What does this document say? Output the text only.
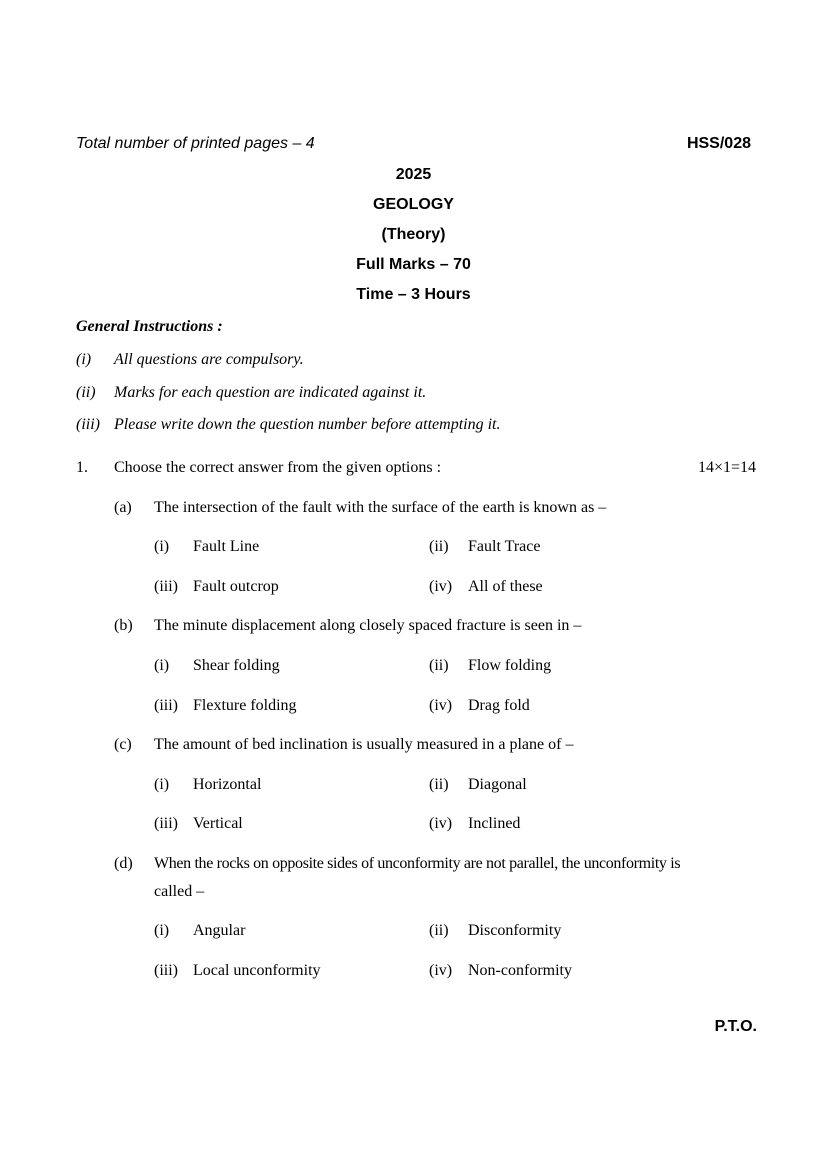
Total number of printed pages – 4	HSS/028
2025
GEOLOGY
(Theory)
Full Marks – 70
Time – 3 Hours
General Instructions :
(i) All questions are compulsory.
(ii) Marks for each question are indicated against it.
(iii) Please write down the question number before attempting it.
1. Choose the correct answer from the given options :	14×1=14
(a) The intersection of the fault with the surface of the earth is known as –
(i) Fault Line	(ii) Fault Trace
(iii) Fault outcrop	(iv) All of these
(b) The minute displacement along closely spaced fracture is seen in –
(i) Shear folding	(ii) Flow folding
(iii) Flexture folding	(iv) Drag fold
(c) The amount of bed inclination is usually measured in a plane of –
(i) Horizontal	(ii) Diagonal
(iii) Vertical	(iv) Inclined
(d) When the rocks on opposite sides of unconformity are not parallel, the unconformity is
called –
(i) Angular	(ii) Disconformity
(iii) Local unconformity	(iv) Non-conformity
P.T.O.
